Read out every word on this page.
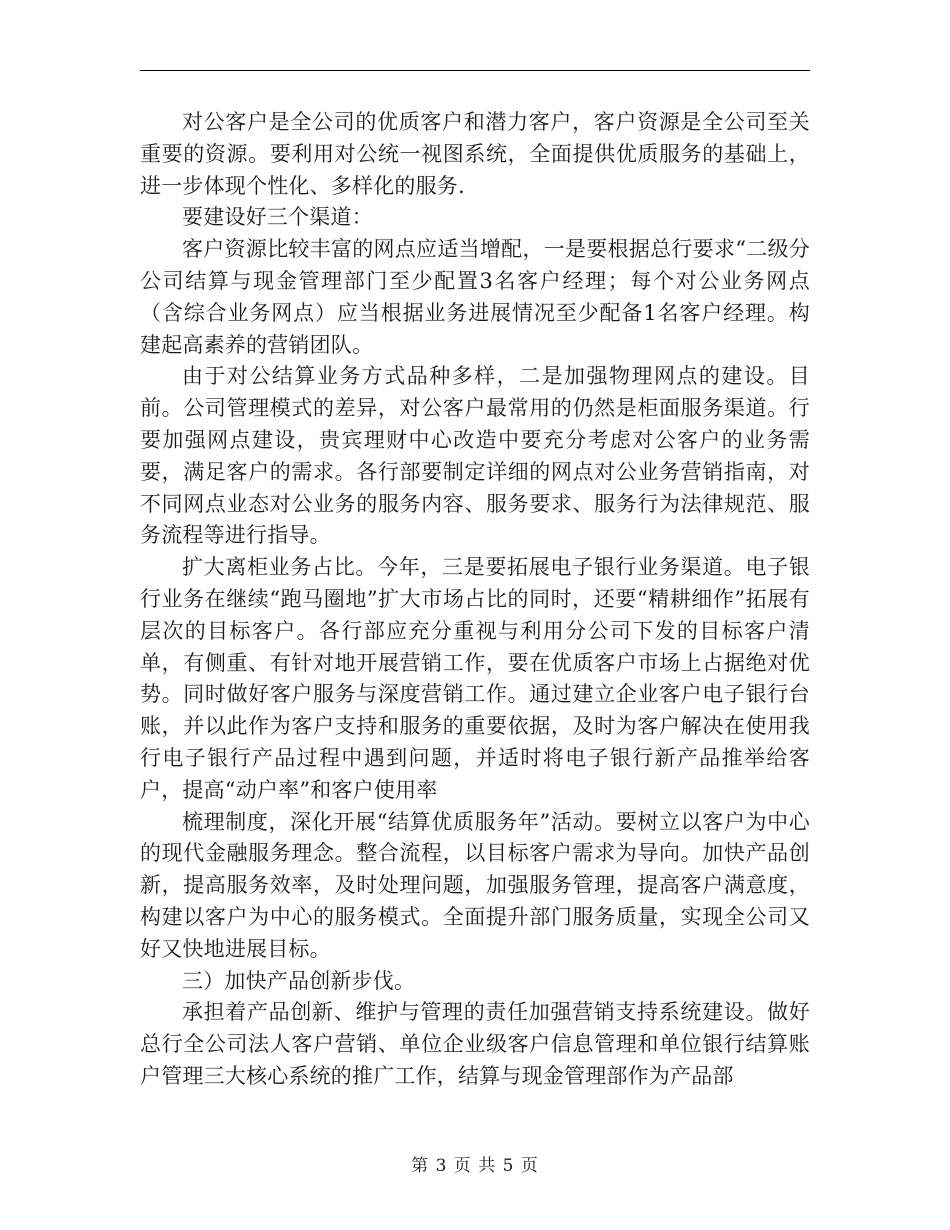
对公客户是全公司的优质客户和潜力客户，客户资源是全公司至关重要的资源。要利用对公统一视图系统，全面提供优质服务的基础上，进一步体现个性化、多样化的服务.

要建设好三个渠道：

客户资源比较丰富的网点应适当增配，一是要根据总行要求“二级分公司结算与现金管理部门至少配置3名客户经理；每个对公业务网点（含综合业务网点）应当根据业务进展情况至少配备1名客户经理。构建起高素养的营销团队。

由于对公结算业务方式品种多样，二是加强物理网点的建设。目前。公司管理模式的差异，对公客户最常用的仍然是柜面服务渠道。行要加强网点建设，贵宾理财中心改造中要充分考虑对公客户的业务需要，满足客户的需求。各行部要制定详细的网点对公业务营销指南，对不同网点业态对公业务的服务内容、服务要求、服务行为法律规范、服务流程等进行指导。

扩大离柜业务占比。今年，三是要拓展电子银行业务渠道。电子银行业务在继续“跑马圈地”扩大市场占比的同时，还要“精耕细作”拓展有层次的目标客户。各行部应充分重视与利用分公司下发的目标客户清单，有侧重、有针对地开展营销工作，要在优质客户市场上占据绝对优势。同时做好客户服务与深度营销工作。通过建立企业客户电子银行台账，并以此作为客户支持和服务的重要依据，及时为客户解决在使用我行电子银行产品过程中遇到问题，并适时将电子银行新产品推举给客户，提高“动户率”和客户使用率

梳理制度，深化开展“结算优质服务年”活动。要树立以客户为中心的现代金融服务理念。整合流程，以目标客户需求为导向。加快产品创新，提高服务效率，及时处理问题，加强服务管理，提高客户满意度，构建以客户为中心的服务模式。全面提升部门服务质量，实现全公司又好又快地进展目标。

三）加快产品创新步伐。

承担着产品创新、维护与管理的责任加强营销支持系统建设。做好总行全公司法人客户营销、单位企业级客户信息管理和单位银行结算账户管理三大核心系统的推广工作，结算与现金管理部作为产品部

第 3 页 共 5 页
